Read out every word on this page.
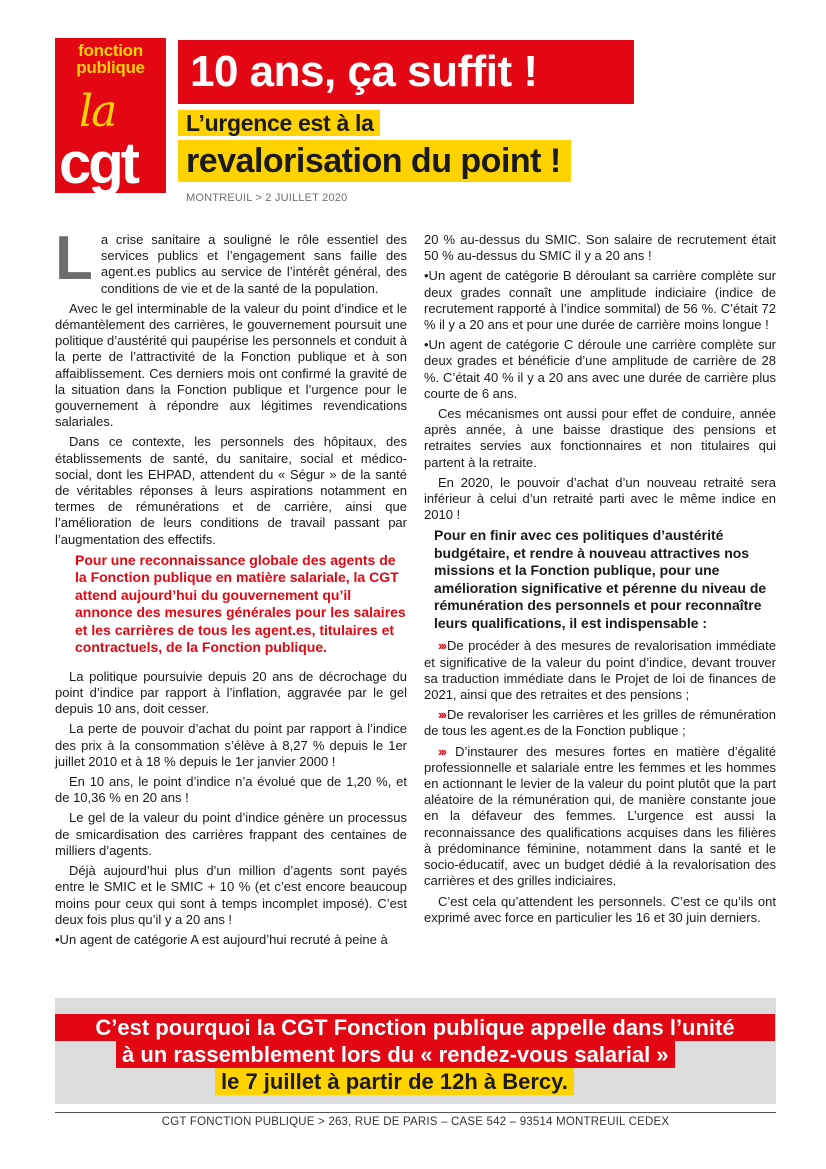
fonction
publique
la
cgt
10 ans, ça suffit !
L’urgence est à la
revalorisation du point !
MONTREUIL > 2 JUILLET 2020

La crise sanitaire a souligné le rôle essentiel des services publics et l’engagement sans faille des agent.es publics au service de l’intérêt général, des conditions de vie et de la santé de la population.

Avec le gel interminable de la valeur du point d’indice et le démantèlement des carrières, le gouvernement poursuit une politique d’austérité qui paupérise les personnels et conduit à la perte de l’attractivité de la Fonction publique et à son affaiblissement. Ces derniers mois ont confirmé la gravité de la situation dans la Fonction publique et l’urgence pour le gouvernement à répondre aux légitimes revendications salariales.

Dans ce contexte, les personnels des hôpitaux, des établissements de santé, du sanitaire, social et médico-social, dont les EHPAD, attendent du « Ségur » de la santé de véritables réponses à leurs aspirations notamment en termes de rémunérations et de carrière, ainsi que l’amélioration de leurs conditions de travail passant par l’augmentation des effectifs.

Pour une reconnaissance globale des agents de la Fonction publique en matière salariale, la CGT attend aujourd’hui du gouvernement qu’il annonce des mesures générales pour les salaires et les carrières de tous les agent.es, titulaires et contractuels, de la Fonction publique.

La politique poursuivie depuis 20 ans de décrochage du point d’indice par rapport à l’inflation, aggravée par le gel depuis 10 ans, doit cesser.

La perte de pouvoir d’achat du point par rapport à l’indice des prix à la consommation s’élève à 8,27 % depuis le 1er juillet 2010 et à 18 % depuis le 1er janvier 2000 !

En 10 ans, le point d’indice n’a évolué que de 1,20 %, et de 10,36 % en 20 ans !

Le gel de la valeur du point d’indice génère un processus de smicardisation des carrières frappant des centaines de milliers d’agents.

Déjà aujourd’hui plus d’un million d’agents sont payés entre le SMIC et le SMIC + 10 % (et c’est encore beaucoup moins pour ceux qui sont à temps incomplet imposé). C’est deux fois plus qu’il y a 20 ans !

•Un agent de catégorie A est aujourd’hui recruté à peine à

20 % au-dessus du SMIC. Son salaire de recrutement était 50 % au-dessus du SMIC il y a 20 ans !

•Un agent de catégorie B déroulant sa carrière complète sur deux grades connaît une amplitude indiciaire (indice de recrutement rapporté à l’indice sommital) de 56 %. C’était 72 % il y a 20 ans et pour une durée de carrière moins longue !

•Un agent de catégorie C déroule une carrière complète sur deux grades et bénéficie d’une amplitude de carrière de 28 %. C’était 40 % il y a 20 ans avec une durée de carrière plus courte de 6 ans.

Ces mécanismes ont aussi pour effet de conduire, année après année, à une baisse drastique des pensions et retraites servies aux fonctionnaires et non titulaires qui partent à la retraite.

En 2020, le pouvoir d’achat d’un nouveau retraité sera inférieur à celui d’un retraité parti avec le même indice en 2010 !

Pour en finir avec ces politiques d’austérité budgétaire, et rendre à nouveau attractives nos missions et la Fonction publique, pour une amélioration significative et pérenne du niveau de rémunération des personnels et pour reconnaître leurs qualifications, il est indispensable :

››› De procéder à des mesures de revalorisation immédiate et significative de la valeur du point d’indice, devant trouver sa traduction immédiate dans le Projet de loi de finances de 2021, ainsi que des retraites et des pensions ;

››› De revaloriser les carrières et les grilles de rémunération de tous les agent.es de la Fonction publique ;

››› D’instaurer des mesures fortes en matière d’égalité professionnelle et salariale entre les femmes et les hommes en actionnant le levier de la valeur du point plutôt que la part aléatoire de la rémunération qui, de manière constante joue en la défaveur des femmes. L’urgence est aussi la reconnaissance des qualifications acquises dans les filières à prédominance féminine, notamment dans la santé et le socio-éducatif, avec un budget dédié à la revalorisation des carrières et des grilles indiciaires.

C’est cela qu’attendent les personnels. C’est ce qu’ils ont exprimé avec force en particulier les 16 et 30 juin derniers.

C’est pourquoi la CGT Fonction publique appelle dans l’unité
à un rassemblement lors du « rendez-vous salarial »
le 7 juillet à partir de 12h à Bercy.
CGT FONCTION PUBLIQUE > 263, RUE DE PARIS – CASE 542 – 93514 MONTREUIL CEDEX
